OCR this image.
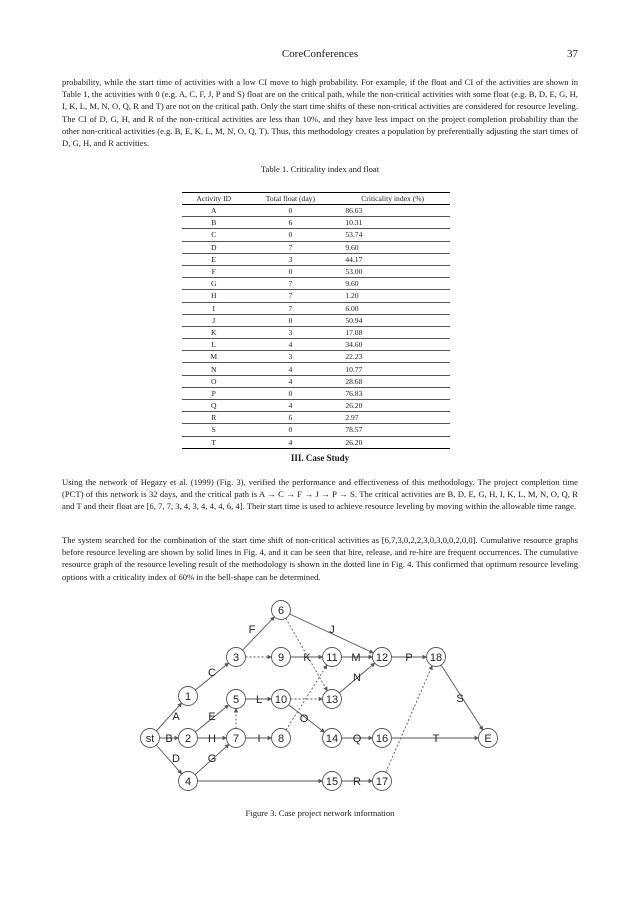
CoreConferences	37

probability, while the start time of activities with a low CI move to high probability. For example, if the float and CI of the activities are shown in Table 1, the activities with 0 (e.g. A, C, F, J, P and S) float are on the critical path, while the non-critical activities with some float (e.g. B, D, E, G, H, I, K, L, M, N, O, Q, R and T) are not on the critical path. Only the start time shifts of these non-critical activities are considered for resource leveling. The CI of D, G, H, and R of the non-critical activities are less than 10%, and they have less impact on the project completion probability than the other non-critical activities (e.g. B, E, K, L, M, N, O, Q, T). Thus, this methodology creates a population by preferentially adjusting the start times of D, G, H, and R activities.

Table 1. Criticality index and float
Activity ID	Total float (day)	Criticality index (%)
A	0	86.63
B	6	10.31
C	0	53.74
D	7	9.60
E	3	44.17
F	0	53.00
G	7	9.60
H	7	1.20
I	7	6.00
J	0	50.94
K	3	17.08
L	4	34.60
M	3	22.23
N	4	10.77
O	4	28.68
P	0	76.83
Q	4	26.20
R	6	2.97
S	0	78.57
T	4	26.20
III. Case Study

Using the network of Hegazy et al. (1999) (Fig. 3), verified the performance and effectiveness of this methodology. The project completion time (PCT) of this network is 32 days, and the critical path is A → C → F → J → P → S. The critical activities are B, D, E, G, H, I, K, L, M, N, O, Q, R and T and their float are [6, 7, 7, 3, 4, 3, 4, 4, 4, 6, 4]. Their start time is used to achieve resource leveling by moving within the allowable time range.

The system searched for the combination of the start time shift of non-critical activities as [6,7,3,0,2,2,3,0,3,0,0,2,0,0]. Cumulative resource graphs before resource leveling are shown by solid lines in Fig. 4, and it can be seen that hire, release, and re-hire are frequent occurrences. The cumulative resource graph of the resource leveling result of the methodology is shown in the dotted line in Fig. 4. This confirmed that optimum resource leveling options with a criticality index of 60% in the bell-shape can be determined.

6
3	9	11	12	18
1	5	10	13
st	2	7	8	14	16	E
4	15	17
F	J
K	M	P
C	N
L	S
A	E	O
B	H	I	Q	T
D	G
R
Figure 3. Case project network information
